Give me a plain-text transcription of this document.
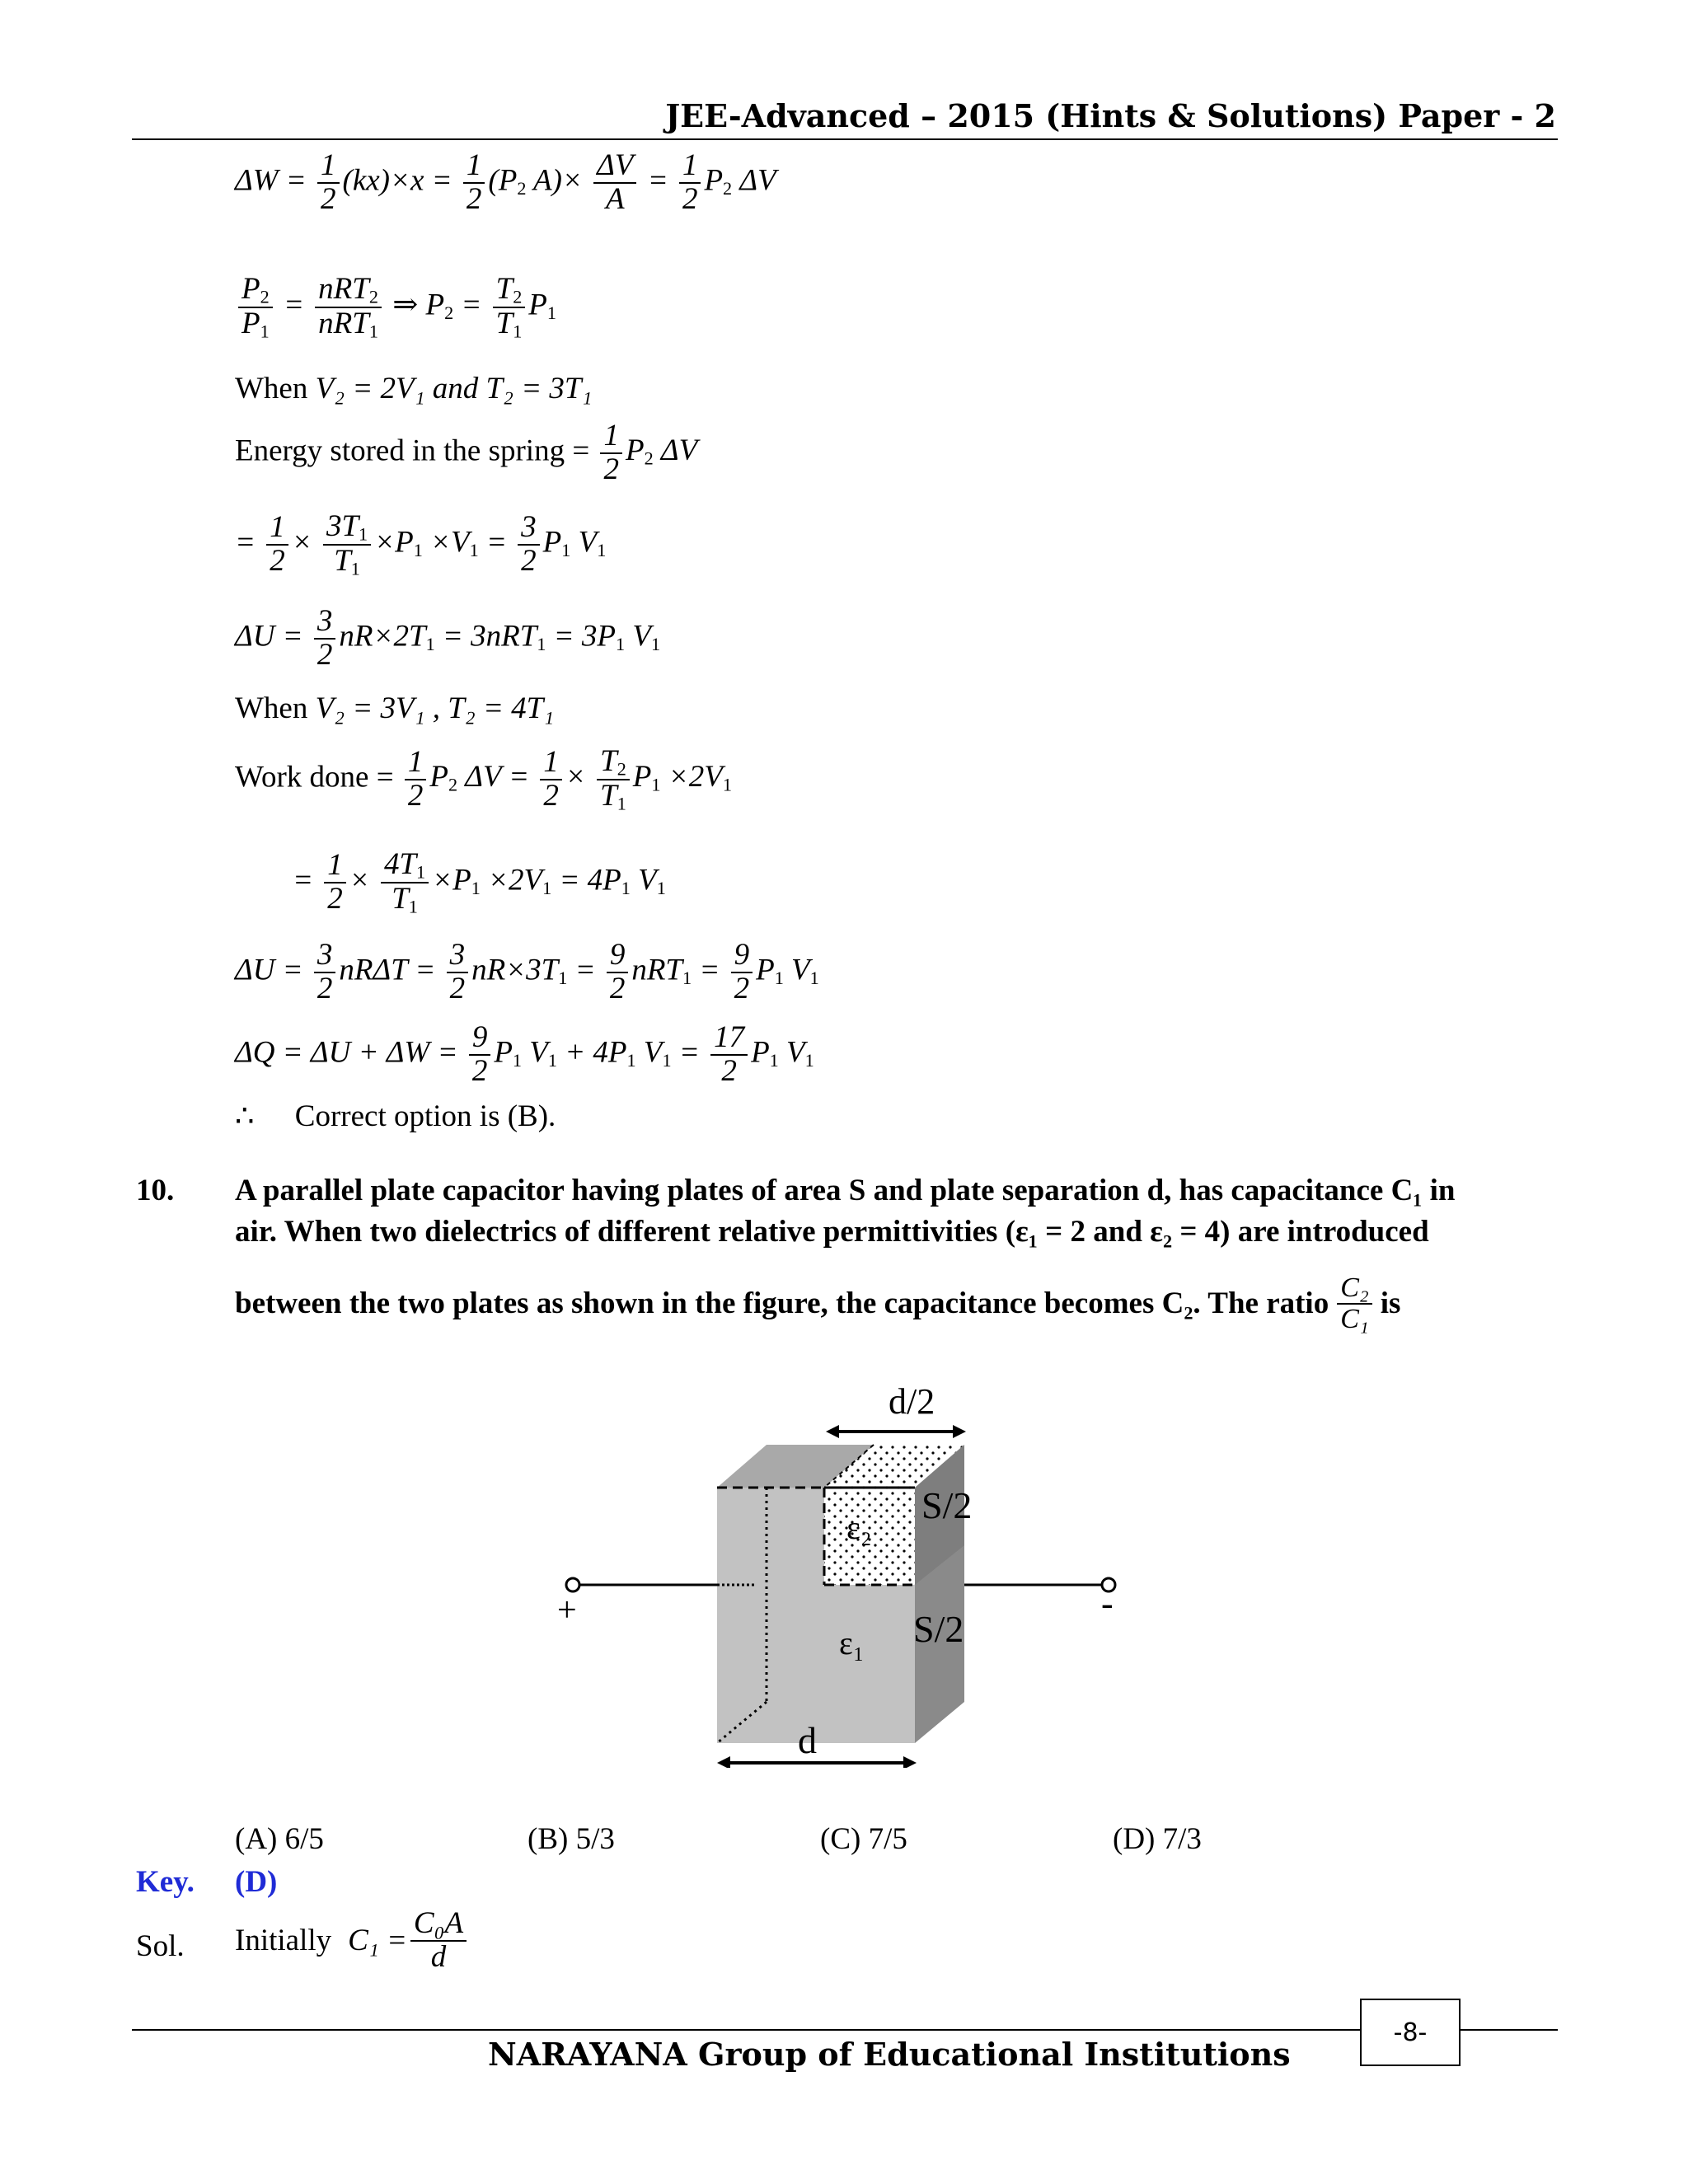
JEE-Advanced – 2015 (Hints & Solutions) Paper - 2
$\Delta W = \frac{1}{2} (kx)\times x = \frac{1}{2} (P_2$ $A)\times \frac{\Delta V}{A} = \frac{1}{2} P_2$ ΔV
$\frac{P_2}{P_1} = \frac{nRT_2}{nRT_1}$ ⇒ $P_2 = \frac{T_2}{T_1} P_1$
When V₂ = 2V₁ and T₂ = 3T₁
Energy stored in the spring = $\frac{1}{2} P_2$ ΔV
= $\frac{1}{2} \times \frac{3T_1}{T_1} \times P_1 \times V_1 = \frac{3}{2} P_1$ $V_1$
$\Delta U = \frac{3}{2} nR\times 2T_1 = 3nRT_1 = 3P_1$ $V_1$
When V₂ = 3V₁ , T₂ = 4T₁
Work done = $\frac{1}{2} P_2$ $\Delta V = \frac{1}{2} \times \frac{T_2}{T_1} P_1 \times 2V_1$
= $\frac{1}{2} \times \frac{4T_1}{T_1} \times P_1 \times 2V_1 = 4P_1$ $V_1$
$\Delta U = \frac{3}{2}$ $nR\Delta T = \frac{3}{2} nR\times 3T_1 = \frac{9}{2} nRT_1 = \frac{9}{2} P_1$ $V_1$
$\Delta Q = \Delta U + \Delta W = \frac{9}{2} P_1$ $V_1 + 4P_1$ $V_1 = \frac{17}{2} P_1$ $V_1$
∴ Correct option is (B).
10. A parallel plate capacitor having plates of area S and plate separation d, has capacitance C₁ in
air. When two dielectrics of different relative permittivities (ε₁ = 2 and ε₂ = 4) are introduced
between the two plates as shown in the figure, the capacitance becomes C₂. The ratio $\frac{\text{C₂}}{\text{C₁}}$ is
d/2
S/2
S/2
ε₂
ε₁
d
+	-
(A) 6/5	(B) 5/3	(C) 7/5	(D) 7/3
Key. (D)
Sol. Initially $C_1 = \frac{\text{C₀A}}{d}$
-8-
NARAYANA Group of Educational Institutions
